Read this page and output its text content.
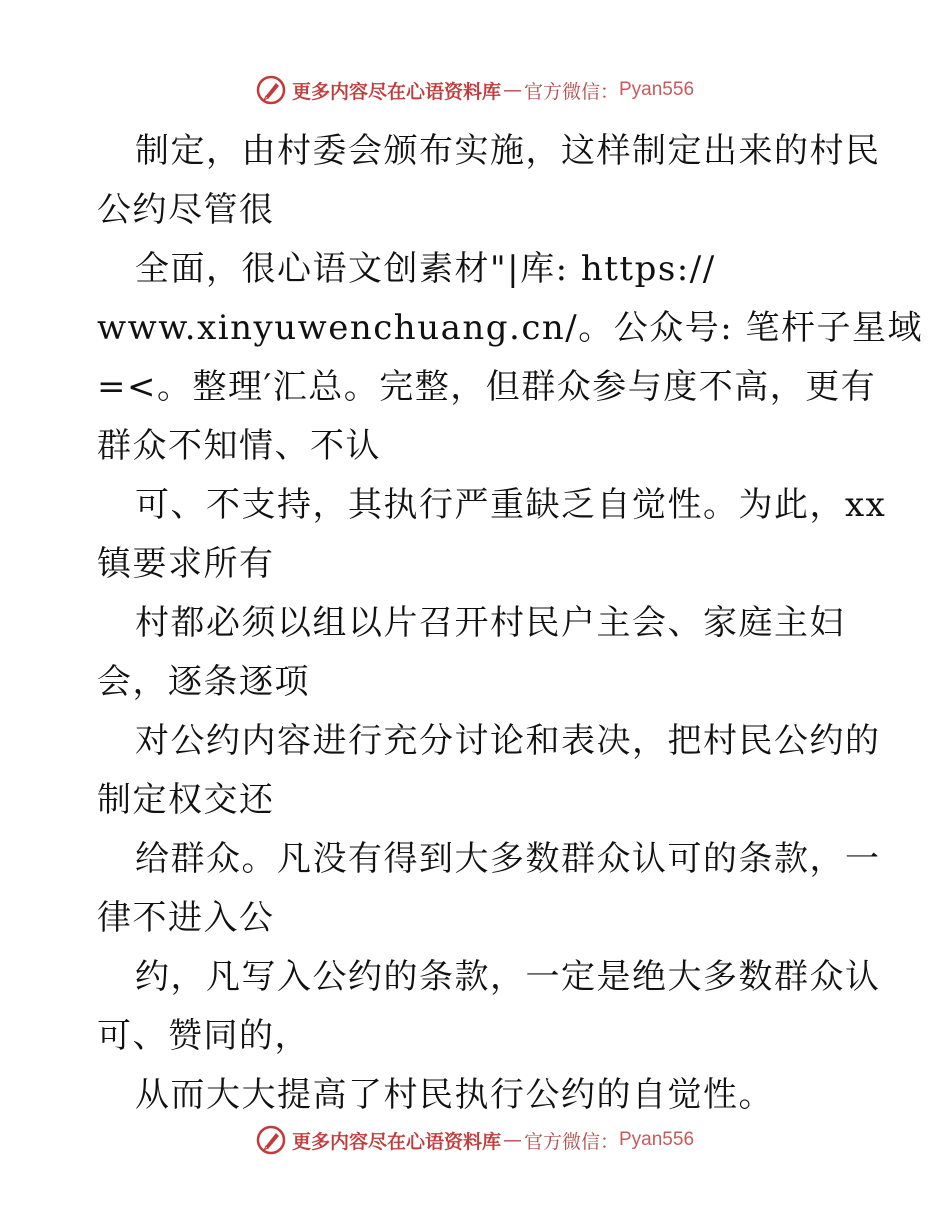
更多内容尽在心语资料库 — 官方微信： Pyan556
制定，由村委会颁布实施，这样制定出来的村民
公约尽管很
全面，很心语文创素材"|库: https://
www.xinyuwenchuang.cn/。公众号: 笔杆子星域
=<。整理′汇总。完整，但群众参与度不高，更有
群众不知情、不认
可、不支持，其执行严重缺乏自觉性。为此，xx
镇要求所有
村都必须以组以片召开村民户主会、家庭主妇
会，逐条逐项
对公约内容进行充分讨论和表决，把村民公约的
制定权交还
给群众。凡没有得到大多数群众认可的条款，一
律不进入公
约，凡写入公约的条款，一定是绝大多数群众认
可、赞同的，
从而大大提高了村民执行公约的自觉性。
更多内容尽在心语资料库 — 官方微信： Pyan556
